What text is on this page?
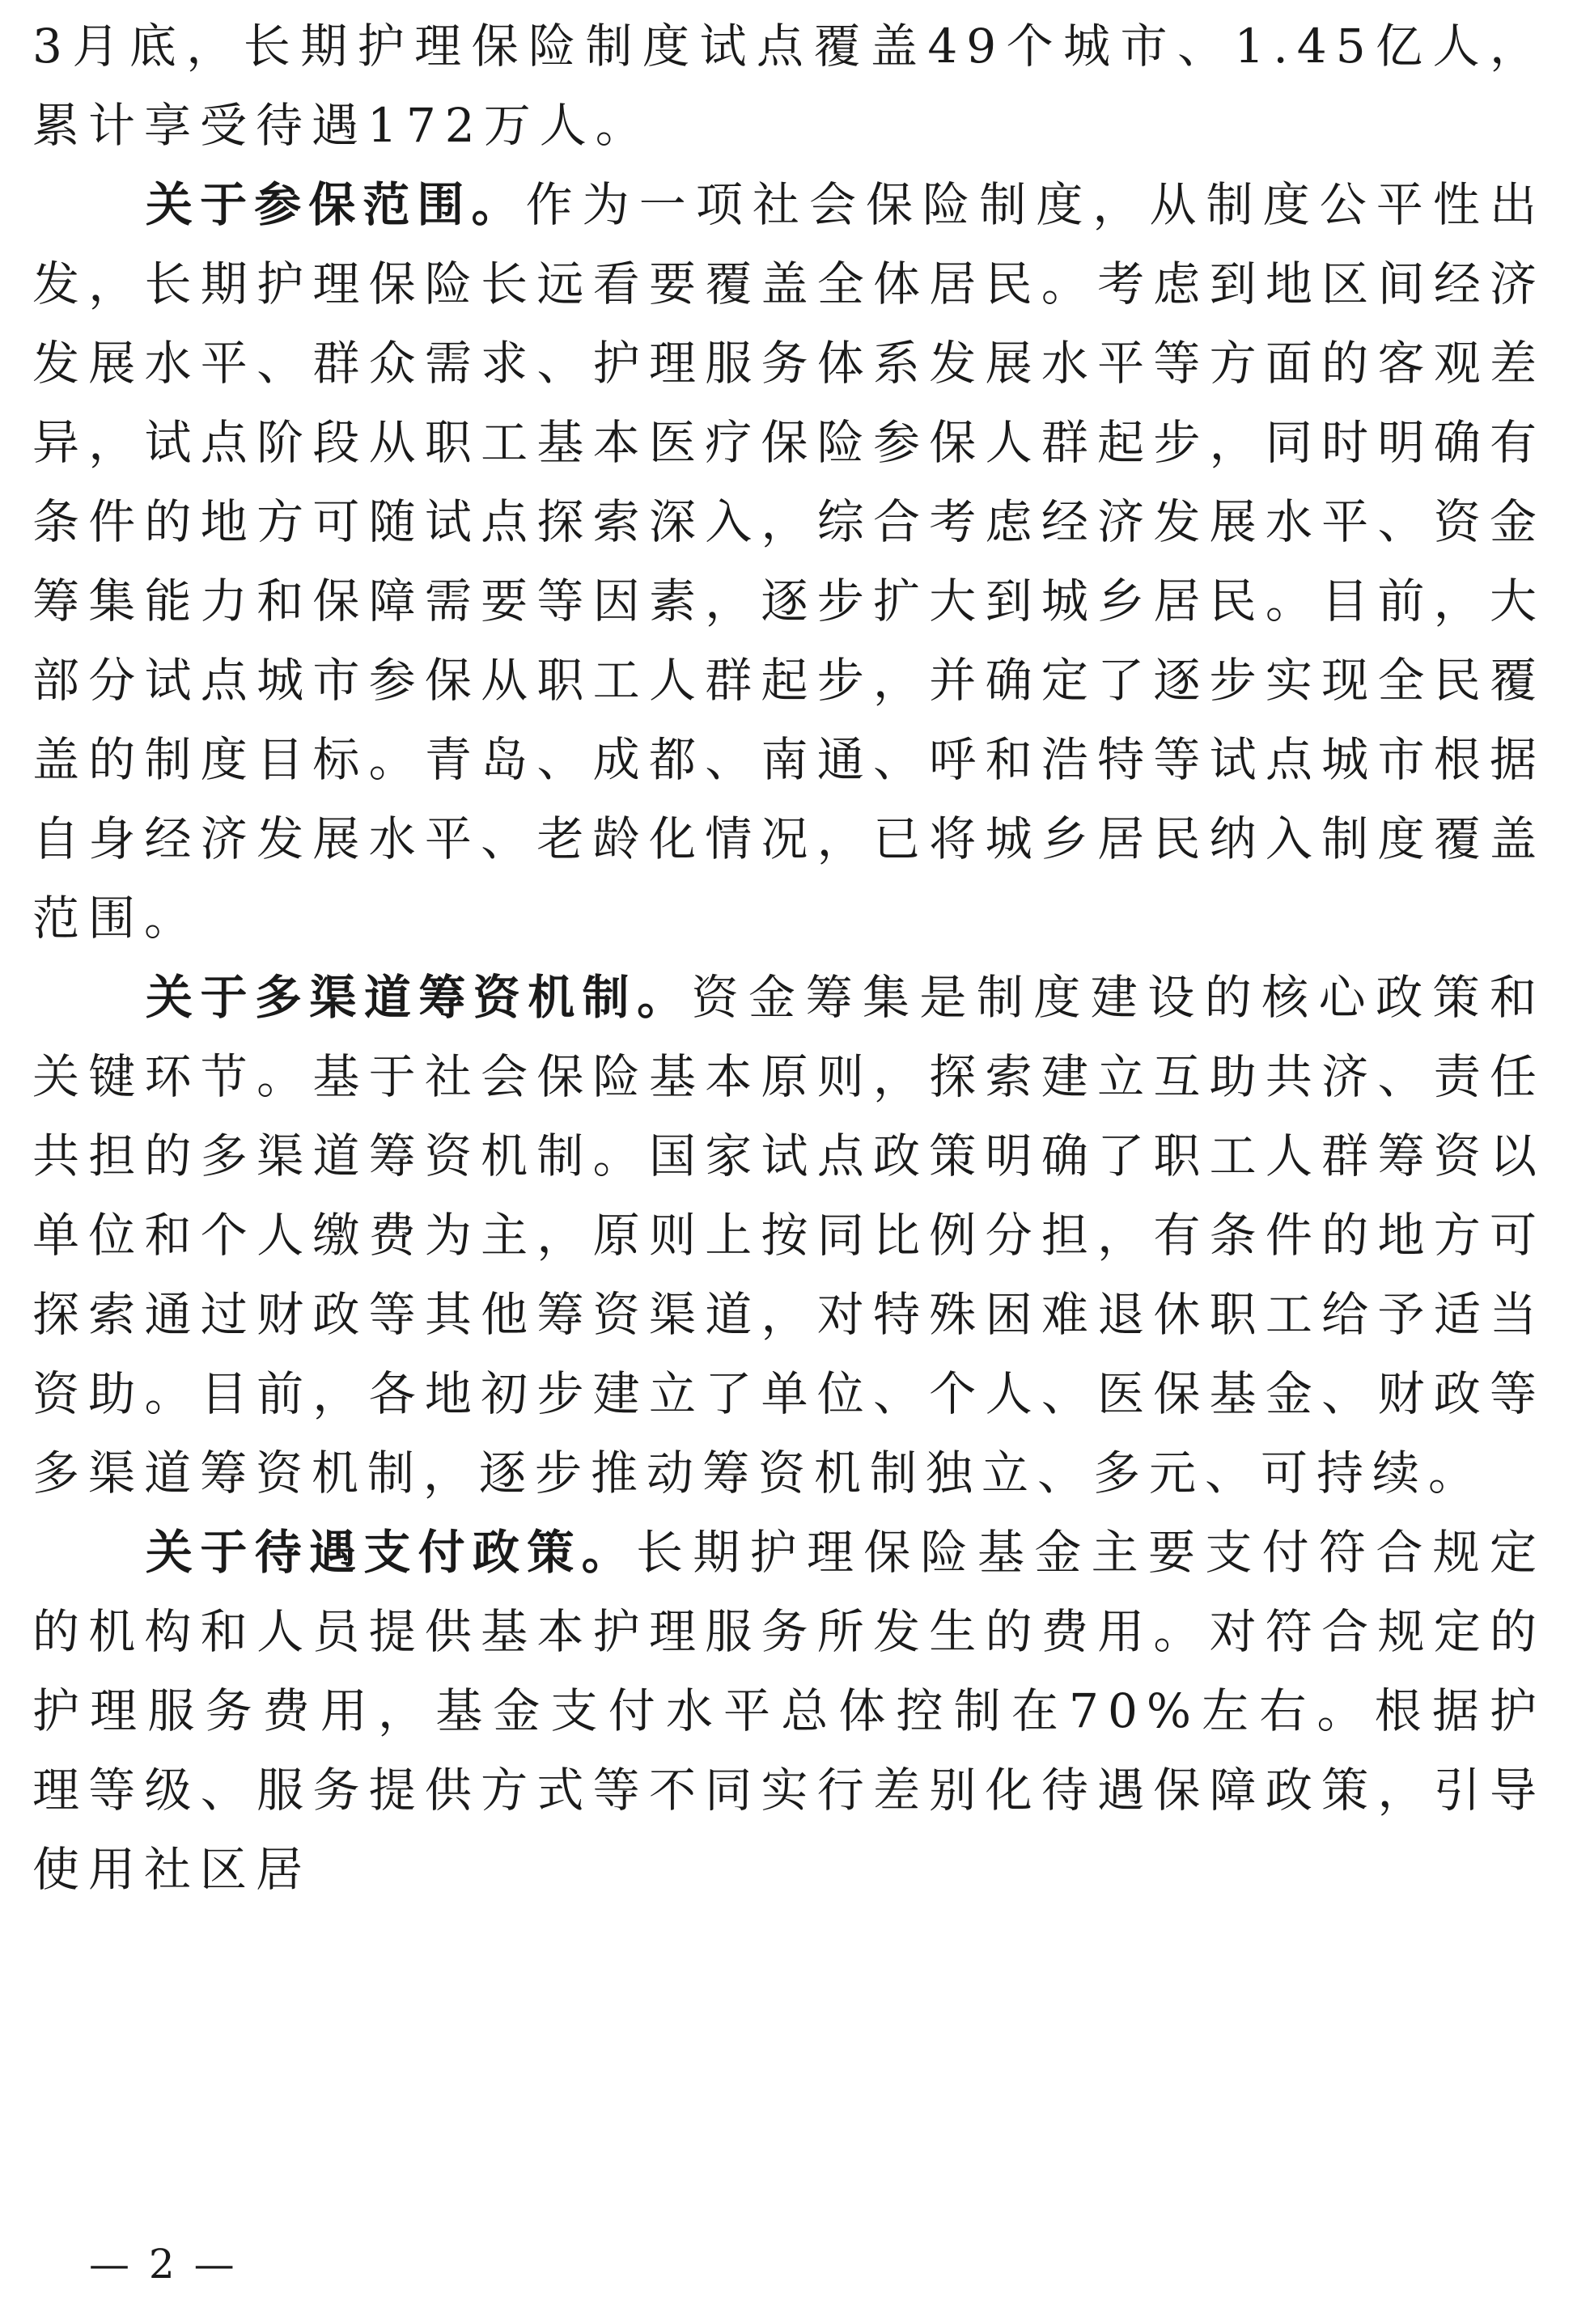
3月底，长期护理保险制度试点覆盖49个城市、1.45亿人，累计享受待遇172万人。

关于参保范围。作为一项社会保险制度，从制度公平性出发，长期护理保险长远看要覆盖全体居民。考虑到地区间经济发展水平、群众需求、护理服务体系发展水平等方面的客观差异，试点阶段从职工基本医疗保险参保人群起步，同时明确有条件的地方可随试点探索深入，综合考虑经济发展水平、资金筹集能力和保障需要等因素，逐步扩大到城乡居民。目前，大部分试点城市参保从职工人群起步，并确定了逐步实现全民覆盖的制度目标。青岛、成都、南通、呼和浩特等试点城市根据自身经济发展水平、老龄化情况，已将城乡居民纳入制度覆盖范围。

关于多渠道筹资机制。资金筹集是制度建设的核心政策和关键环节。基于社会保险基本原则，探索建立互助共济、责任共担的多渠道筹资机制。国家试点政策明确了职工人群筹资以单位和个人缴费为主，原则上按同比例分担，有条件的地方可探索通过财政等其他筹资渠道，对特殊困难退休职工给予适当资助。目前，各地初步建立了单位、个人、医保基金、财政等多渠道筹资机制，逐步推动筹资机制独立、多元、可持续。

关于待遇支付政策。长期护理保险基金主要支付符合规定的机构和人员提供基本护理服务所发生的费用。对符合规定的护理服务费用，基金支付水平总体控制在70%左右。根据护理等级、服务提供方式等不同实行差别化待遇保障政策，引导使用社区居

— 2 —
